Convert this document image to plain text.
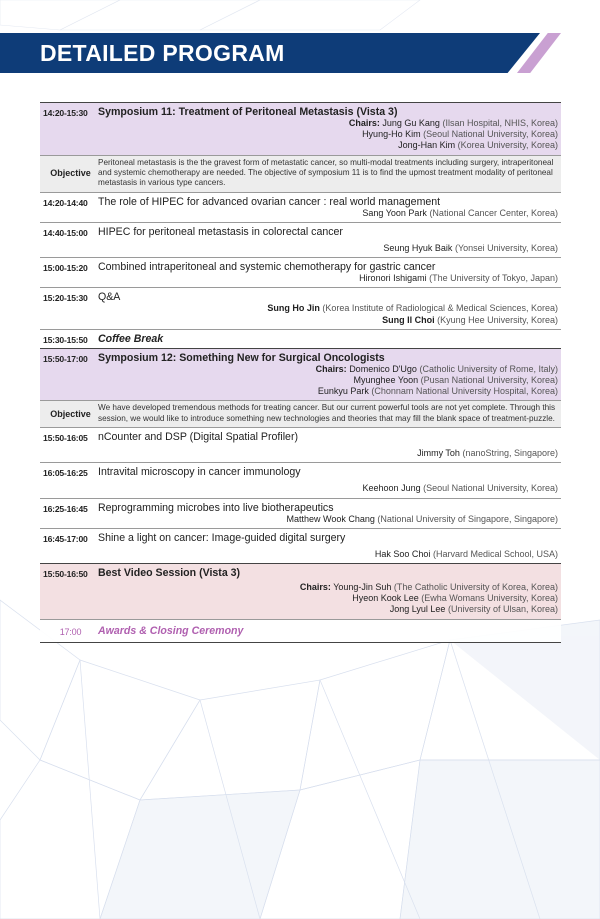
DETAILED PROGRAM
14:20-15:30 Symposium 11: Treatment of Peritoneal Metastasis (Vista 3)
Chairs: Jung Gu Kang (Ilsan Hospital, NHIS, Korea)
Hyung-Ho Kim (Seoul National University, Korea)
Jong-Han Kim (Korea University, Korea)
Objective
Peritoneal metastasis is the the gravest form of metastatic cancer, so multi-modal treatments including surgery, intraperitoneal and systemic chemotherapy are needed. The objective of symposium 11 is to find the upmost treatment modality of peritoneal metastasis in various type cancers.
14:20-14:40 The role of HIPEC for advanced ovarian cancer : real world management
Sang Yoon Park (National Cancer Center, Korea)
14:40-15:00 HIPEC for peritoneal metastasis in colorectal cancer
Seung Hyuk Baik (Yonsei University, Korea)
15:00-15:20 Combined intraperitoneal and systemic chemotherapy for gastric cancer
Hironori Ishigami (The University of Tokyo, Japan)
15:20-15:30 Q&A
Sung Ho Jin (Korea Institute of Radiological & Medical Sciences, Korea)
Sung Il Choi (Kyung Hee University, Korea)
15:30-15:50 Coffee Break
15:50-17:00 Symposium 12: Something New for Surgical Oncologists
Chairs: Domenico D'Ugo (Catholic University of Rome, Italy)
Myunghee Yoon (Pusan National University, Korea)
Eunkyu Park (Chonnam National University Hospital, Korea)
Objective
We have developed tremendous methods for treating cancer. But our current powerful tools are not yet complete. Through this session, we would like to introduce something new technologies and theories that may fill the blank space of treatment-puzzle.
15:50-16:05 nCounter and DSP (Digital Spatial Profiler)
Jimmy Toh (nanoString, Singapore)
16:05-16:25 Intravital microscopy in cancer immunology
Keehoon Jung (Seoul National University, Korea)
16:25-16:45 Reprogramming microbes into live biotherapeutics
Matthew Wook Chang (National University of Singapore, Singapore)
16:45-17:00 Shine a light on cancer: Image-guided digital surgery
Hak Soo Choi (Harvard Medical School, USA)
15:50-16:50 Best Video Session (Vista 3)
Chairs: Young-Jin Suh (The Catholic University of Korea, Korea)
Hyeon Kook Lee (Ewha Womans University, Korea)
Jong Lyul Lee (University of Ulsan, Korea)
17:00	Awards & Closing Ceremony
